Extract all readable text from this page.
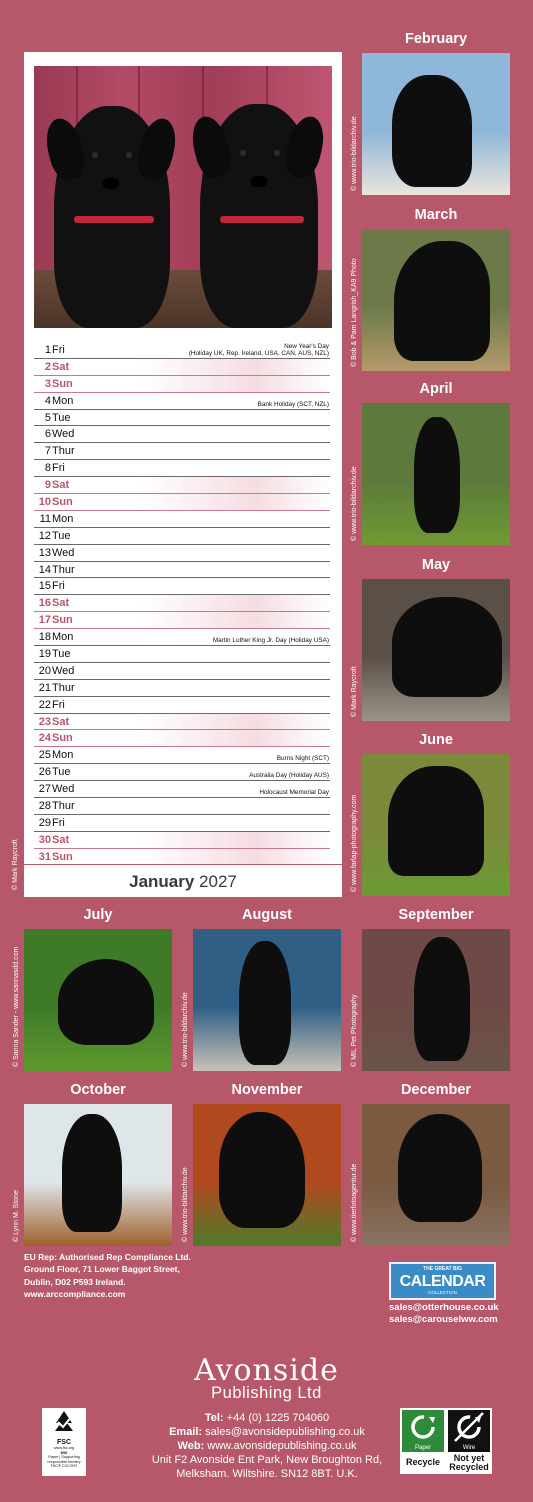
1 Fri	New Year's Day
(Holiday UK, Rep. Ireland, USA, CAN, AUS, NZL)
2 Sat
3 Sun
4 Mon	Bank Holiday (SCT, NZL)
5 Tue
6 Wed
7 Thur
8 Fri
9 Sat
10 Sun
11 Mon
12 Tue
13 Wed
14 Thur
15 Fri
16 Sat
17 Sun
18 Mon	Martin Luther King Jr. Day (Holiday USA)
19 Tue
20 Wed
21 Thur
22 Fri
23 Sat
24 Sun
25 Mon	Burns Night (SCT)
26 Tue	Australia Day (Holiday AUS)
27 Wed	Holocaust Memorial Day
28 Thur
29 Fri
30 Sat
31 Sun
January 2027
© Mark Raycroft
February
© www.trio-bildarchiv.de
March
© Bob & Pam Langrish_KA9 Photo
April
© www.trio-bildarchiv.de
May
© Mark Raycroft
June
© www.farlap-photography.com
July
© Sanna Sander - www.sannasdd.com
August
© www.trio-bildarchiv.de
September
© MIL Pet Photography
October
© Lynn M. Stone
November
© www.trio-bildarchiv.de
December
© www.tierfotoagentur.de
EU Rep: Authorised Rep Compliance Ltd.
Ground Floor, 71 Lower Baggot Street,
Dublin, D02 P593 Ireland.
www.arccompliance.com
THE GREAT BIG
CALENDAR
COLLECTION
sales@otterhouse.co.uk
sales@carouselww.com
Avonside
Publishing Ltd
Tel: +44 (0) 1225 704060
Email: sales@avonsidepublishing.co.uk
Web: www.avonsidepublishing.co.uk
Unit F2 Avonside Ent Park, New Broughton Rd,
Melksham. Wiltshire. SN12 8BT. U.K.
FSC
www.fsc.org
MIX
Paper | Supporting responsible forestry
FSC® C017097
Paper	Wire
Recycle	Not yet
Recycled
